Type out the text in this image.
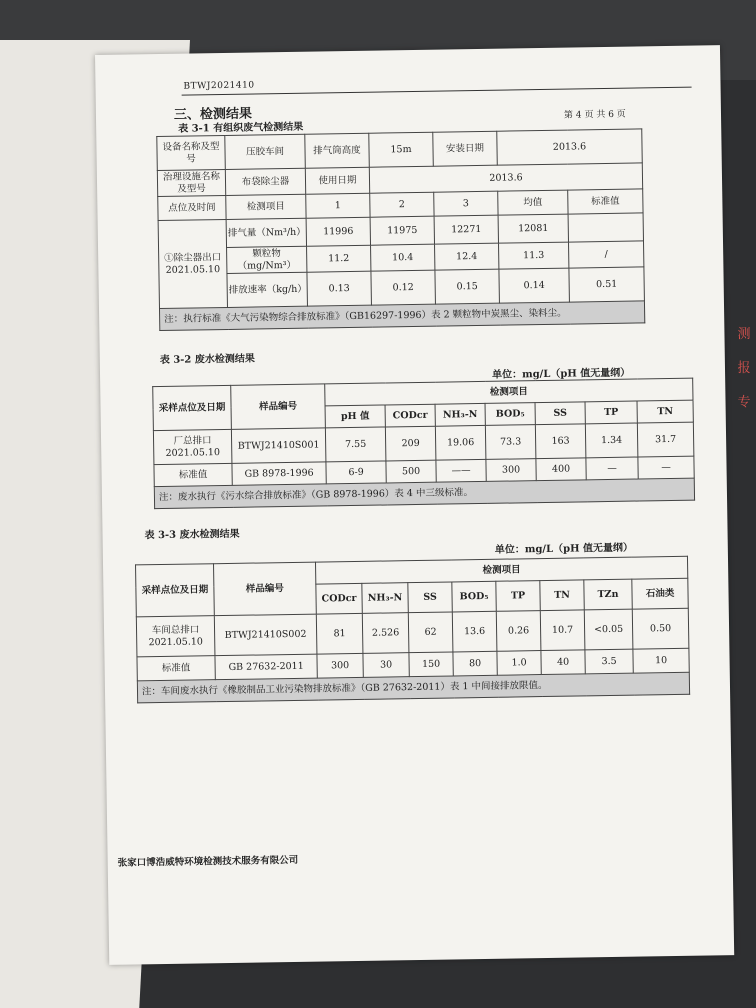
测
报
专
BTWJ2021410
三、检测结果	第 4 页 共 6 页
表 3-1 有组织废气检测结果
设备名称及型号	压胶车间	排气筒高度	15m	安装日期	2013.6	
治理设施名称及型号	布袋除尘器	使用日期	2013.6			
点位及时间	检测项目	1	2	3	均值	标准值
①除尘器出口 2021.05.10	排气量（Nm³/h）	11996	11975	12271	12081	
	颗粒物（mg/Nm³）	11.2	10.4	12.4	11.3	/
	排放速率（kg/h）	0.13	0.12	0.15	0.14	0.51
注：执行标准《大气污染物综合排放标准》（GB16297-1996）表 2 颗粒物中炭黑尘、染料尘。						
表 3-2 废水检测结果
单位：mg/L（pH 值无量纲）
采样点位及日期	样品编号	检测项目						
		pH 值	CODcr	NH₃-N	BOD₅	SS	TP	TN
厂总排口 2021.05.10	BTWJ21410S001	7.55	209	19.06	73.3	163	1.34	31.7
标准值	GB 8978-1996	6-9	500	——	300	400	—	—
注：废水执行《污水综合排放标准》（GB 8978-1996）表 4 中三级标准。								
表 3-3 废水检测结果
单位：mg/L（pH 值无量纲）
采样点位及日期	样品编号	检测项目							
		CODcr	NH₃-N	SS	BOD₅	TP	TN	TZn	石油类
车间总排口 2021.05.10	BTWJ21410S002	81	2.526	62	13.6	0.26	10.7	<0.05	0.50
标准值	GB 27632-2011	300	30	150	80	1.0	40	3.5	10
注：车间废水执行《橡胶制品工业污染物排放标准》（GB 27632-2011）表 1 中间接排放限值。									
张家口博浩威特环境检测技术服务有限公司
